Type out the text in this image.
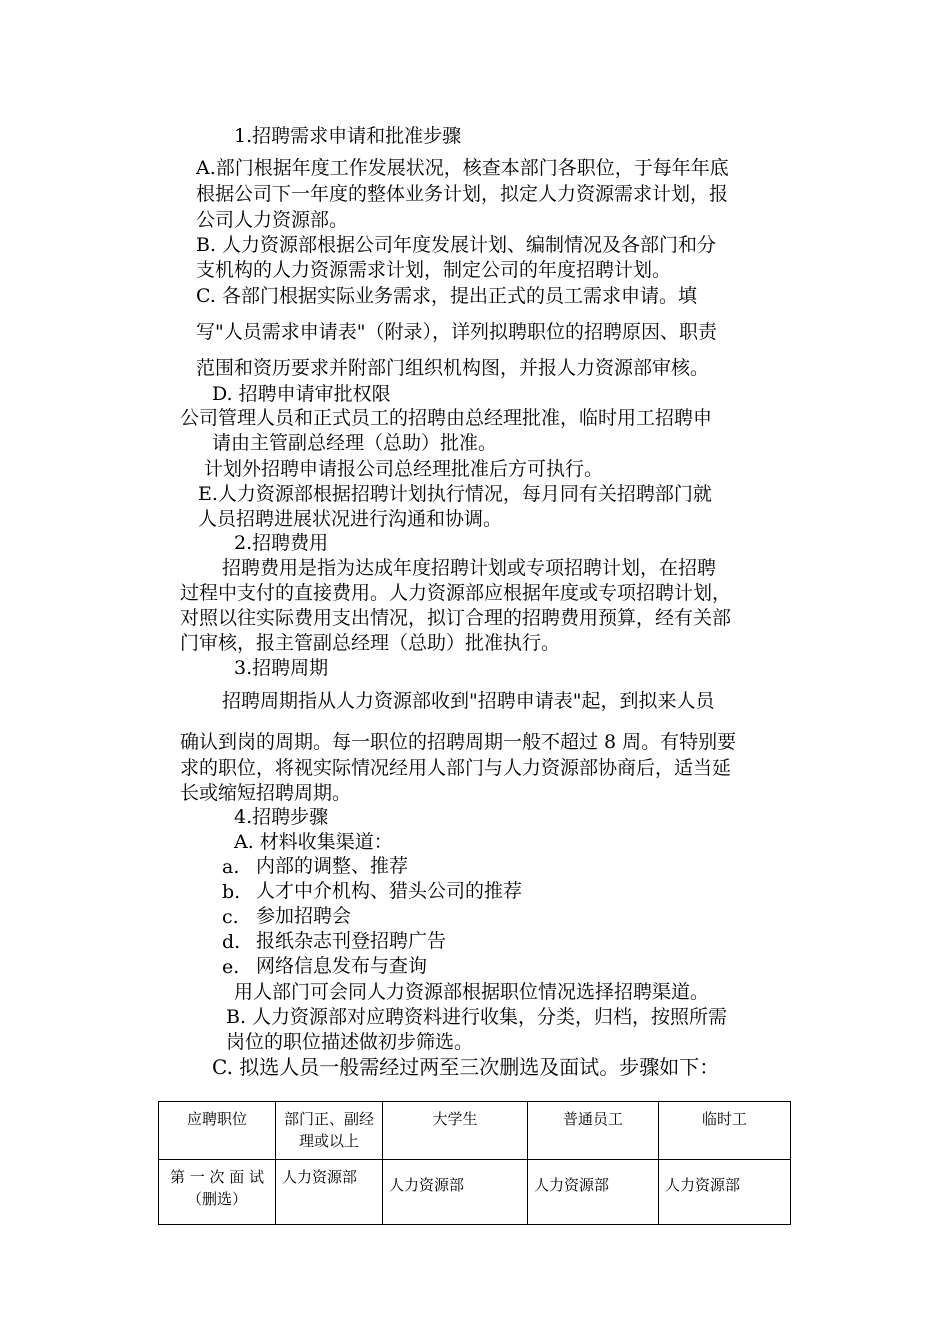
1.招聘需求申请和批准步骤
A.部门根据年度工作发展状况，核查本部门各职位，于每年年底
根据公司下一年度的整体业务计划，拟定人力资源需求计划，报
公司人力资源部。
B. 人力资源部根据公司年度发展计划、编制情况及各部门和分
支机构的人力资源需求计划，制定公司的年度招聘计划。
C. 各部门根据实际业务需求，提出正式的员工需求申请。填
写"人员需求申请表"（附录），详列拟聘职位的招聘原因、职责
范围和资历要求并附部门组织机构图，并报人力资源部审核。
D. 招聘申请审批权限
公司管理人员和正式员工的招聘由总经理批准，临时用工招聘申
请由主管副总经理（总助）批准。
计划外招聘申请报公司总经理批准后方可执行。
E.人力资源部根据招聘计划执行情况，每月同有关招聘部门就
人员招聘进展状况进行沟通和协调。
2.招聘费用
招聘费用是指为达成年度招聘计划或专项招聘计划，在招聘
过程中支付的直接费用。人力资源部应根据年度或专项招聘计划，
对照以往实际费用支出情况，拟订合理的招聘费用预算，经有关部
门审核，报主管副总经理（总助）批准执行。
3.招聘周期
招聘周期指从人力资源部收到"招聘申请表"起，到拟来人员
确认到岗的周期。每一职位的招聘周期一般不超过 8 周。有特别要
求的职位，将视实际情况经用人部门与人力资源部协商后，适当延
长或缩短招聘周期。
4.招聘步骤
A. 材料收集渠道：
a. 内部的调整、推荐
b. 人才中介机构、猎头公司的推荐
c. 参加招聘会
d. 报纸杂志刊登招聘广告
e. 网络信息发布与查询
用人部门可会同人力资源部根据职位情况选择招聘渠道。
B. 人力资源部对应聘资料进行收集，分类，归档，按照所需
岗位的职位描述做初步筛选。
C. 拟选人员一般需经过两至三次删选及面试。步骤如下：
应聘职位	部门正、副经理或以上	大学生	普通员工	临时工
第 一 次 面 试（删选）	人力资源部	人力资源部	人力资源部	人力资源部
